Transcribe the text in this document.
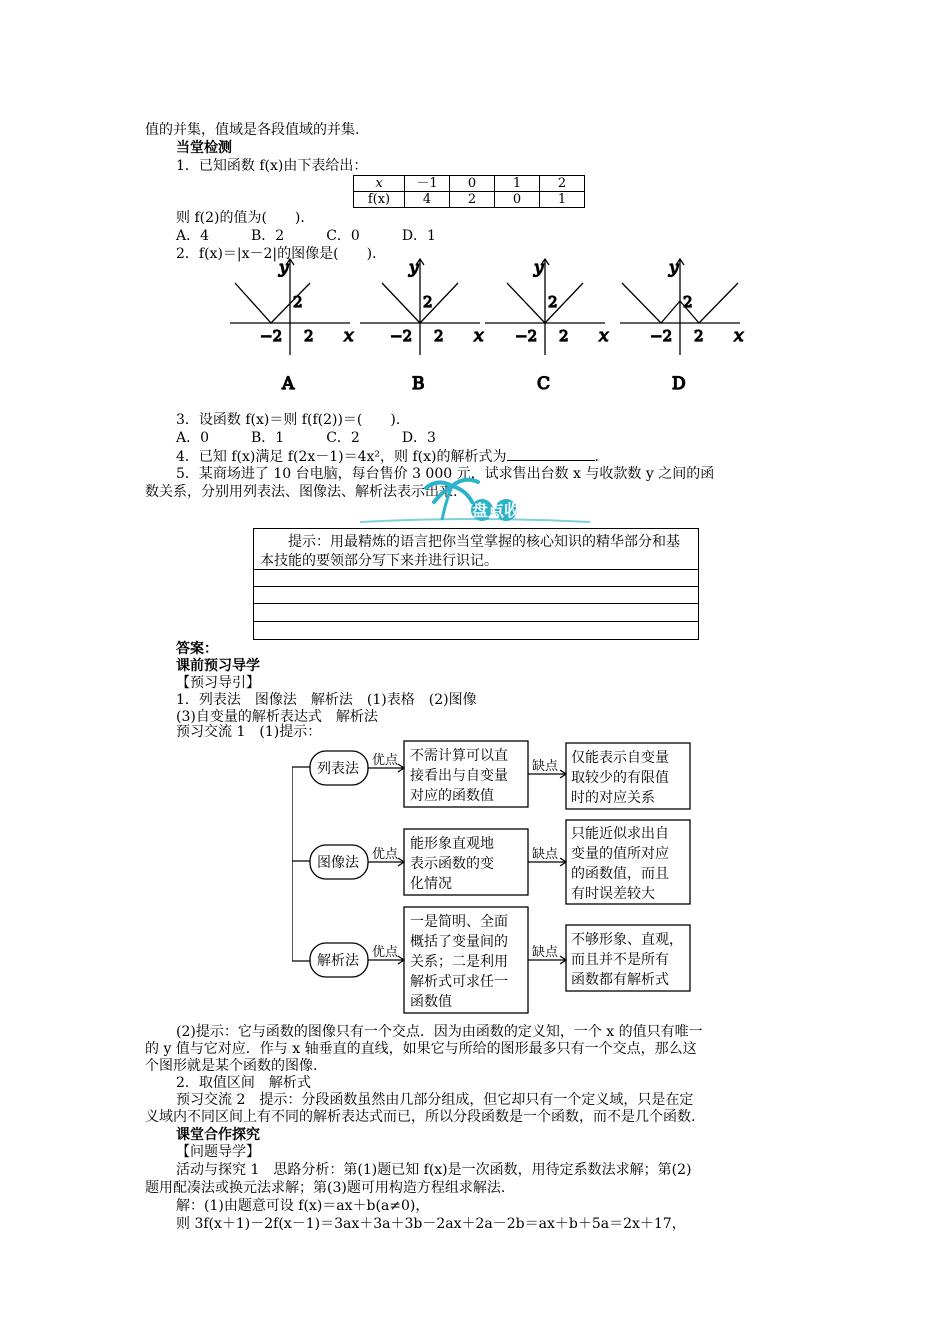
值的并集，值域是各段值域的并集.
当堂检测
1．已知函数 f(x)由下表给出：
x	－1	0	1	2
f(x)	4	2	0	1
则 f(2)的值为(　　)．
A．4　　　B．2　　　C．0　　　D．1
2．f(x)＝|x－2|的图像是(　　)．
y
x
−2 2
2
A
y
x
−2 2
2
B
y
x
−2 2
2
C
y
x
−2 2
2
D
3．设函数 f(x)＝则 f(f(2))＝(　　)．
A．0　　　B．1　　　C．2　　　D．3
4．已知 f(x)满足 f(2x－1)＝4x²，则 f(x)的解析式为	.
5．某商场进了 10 台电脑，每台售价 3 000 元，试求售出台数 x 与收款数 y 之间的函
数关系，分别用列表法、图像法、解析法表示出来.
盘点收获
提示：用最精炼的语言把你当堂掌握的核心知识的精华部分和基本技能的要领部分写下来并进行识记。
答案：
课前预习导学
【预习导引】
1．列表法　图像法　解析法　(1)表格　(2)图像
(3)自变量的解析表达式　解析法
预习交流 1　(1)提示：
列表法
优点	缺点
不需计算可以直
接看出与自变量
对应的函数值
仅能表示自变量
取较少的有限值
时的对应关系
图像法
优点	缺点
能形象直观地
表示函数的变
化情况
只能近似求出自
变量的值所对应
的函数值，而且
有时误差较大
解析法
优点	缺点
一是简明、全面
概括了变量间的
关系；二是利用
解析式可求任一
函数值
不够形象、直观，
而且并不是所有
函数都有解析式
(2)提示：它与函数的图像只有一个交点．因为由函数的定义知，一个 x 的值只有唯一
的 y 值与它对应．作与 x 轴垂直的直线，如果它与所给的图形最多只有一个交点，那么这
个图形就是某个函数的图像.
2．取值区间　解析式
预习交流 2　提示：分段函数虽然由几部分组成，但它却只有一个定义域，只是在定
义域内不同区间上有不同的解析表达式而已，所以分段函数是一个函数，而不是几个函数.
课堂合作探究
【问题导学】
活动与探究 1　思路分析：第(1)题已知 f(x)是一次函数，用待定系数法求解；第(2)
题用配凑法或换元法求解；第(3)题可用构造方程组求解法.
解：(1)由题意可设 f(x)＝ax＋b(a≠0)，
则 3f(x＋1)－2f(x－1)＝3ax＋3a＋3b－2ax＋2a－2b＝ax＋b＋5a＝2x＋17，
